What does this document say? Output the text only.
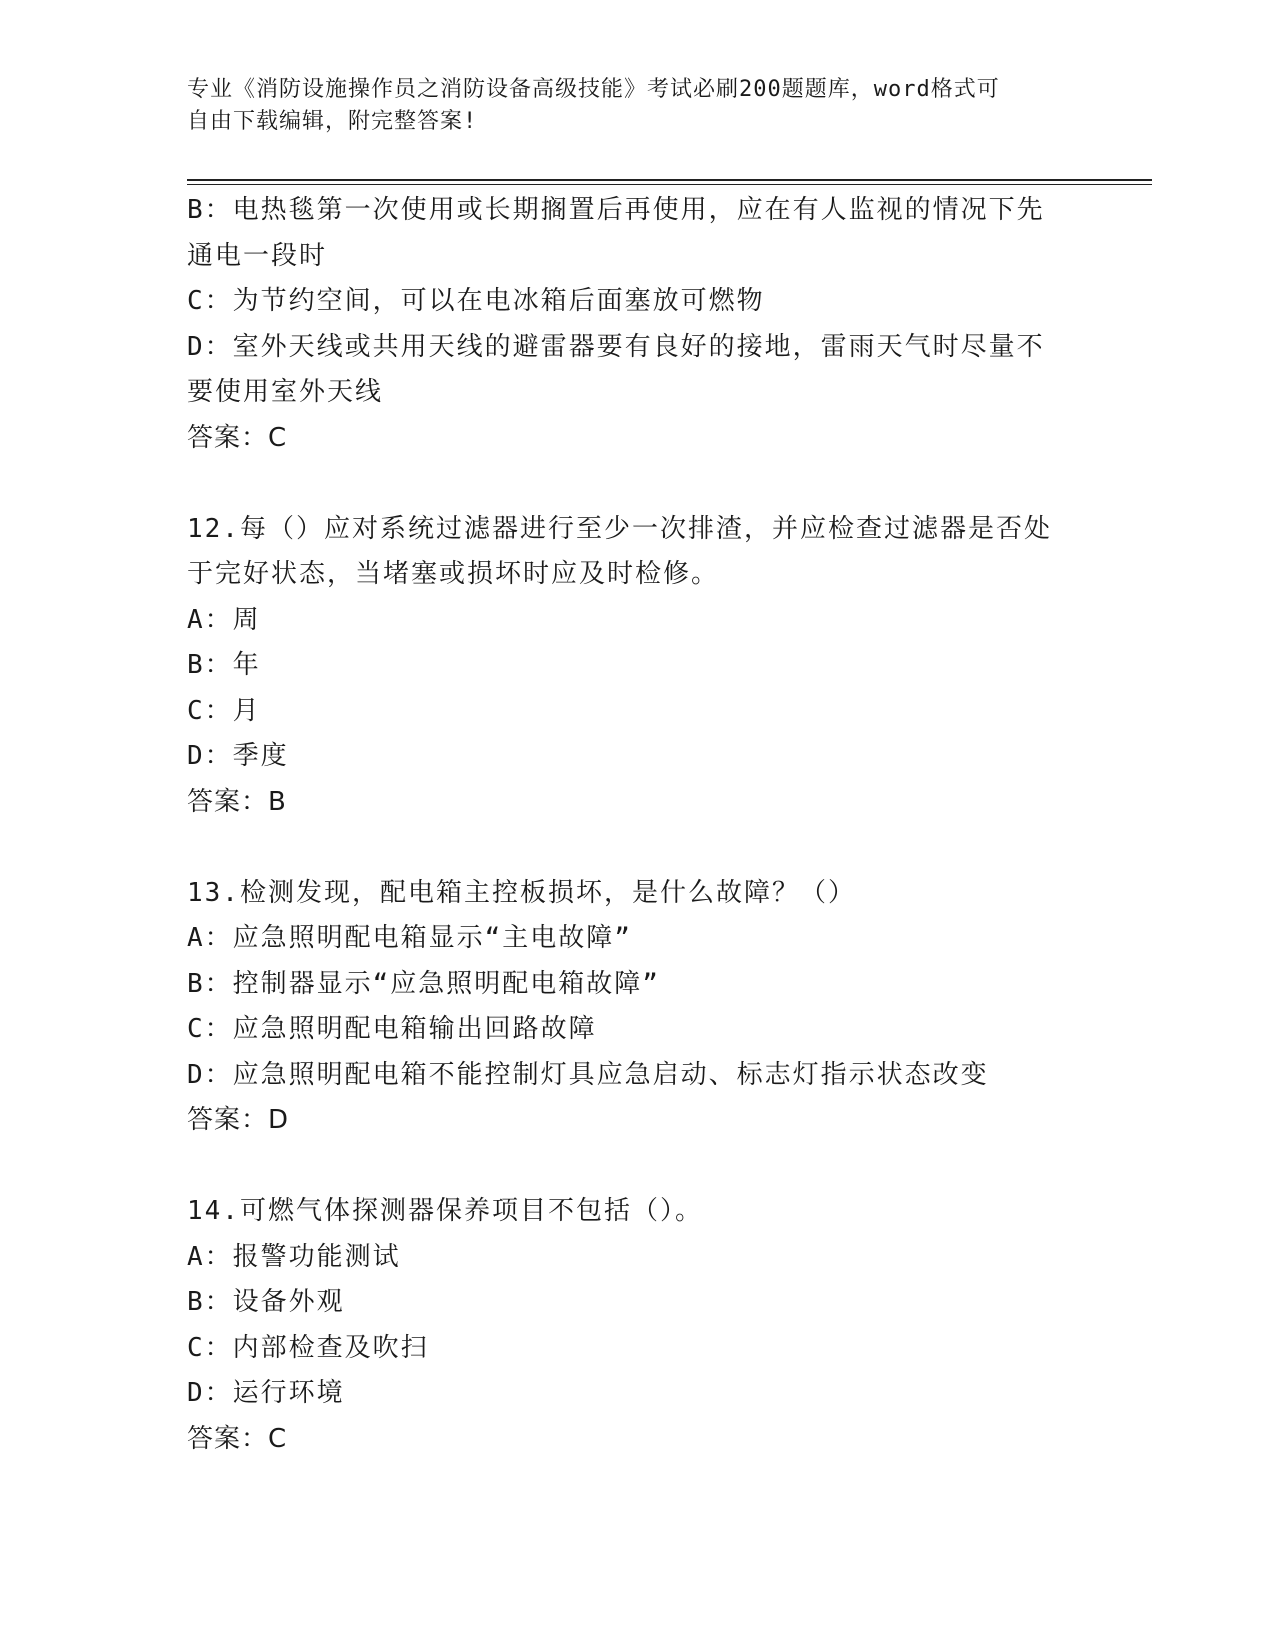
专业《消防设施操作员之消防设备高级技能》考试必刷200题题库，word格式可
自由下载编辑，附完整答案!
B：电热毯第一次使用或长期搁置后再使用，应在有人监视的情况下先
通电一段时
C：为节约空间，可以在电冰箱后面塞放可燃物
D：室外天线或共用天线的避雷器要有良好的接地，雷雨天气时尽量不
要使用室外天线
答案：C
12.每（）应对系统过滤器进行至少一次排渣，并应检查过滤器是否处
于完好状态，当堵塞或损坏时应及时检修。
A：周
B：年
C：月
D：季度
答案：B
13.检测发现，配电箱主控板损坏，是什么故障？（）
A：应急照明配电箱显示“主电故障”
B：控制器显示“应急照明配电箱故障”
C：应急照明配电箱输出回路故障
D：应急照明配电箱不能控制灯具应急启动、标志灯指示状态改变
答案：D
14.可燃气体探测器保养项目不包括（）。
A：报警功能测试
B：设备外观
C：内部检查及吹扫
D：运行环境
答案：C
